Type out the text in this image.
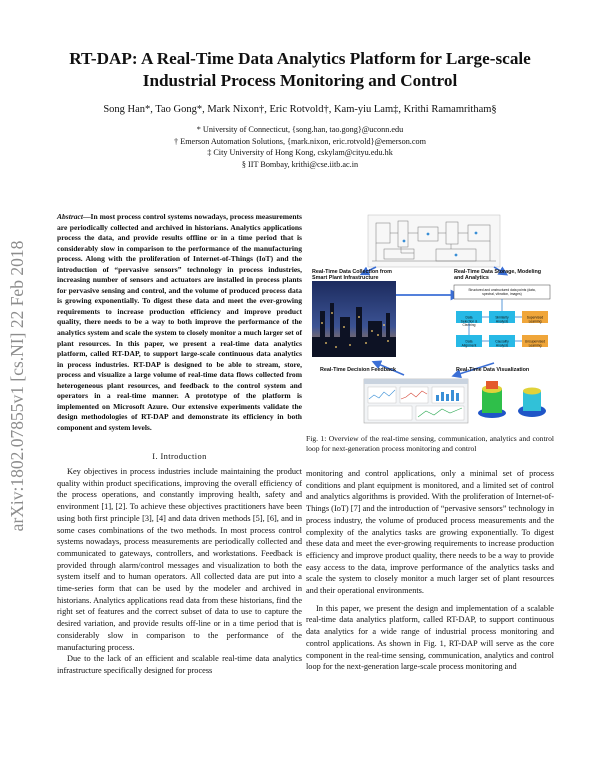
RT-DAP: A Real-Time Data Analytics Platform for Large-scale Industrial Process Monitoring and Control
Song Han*, Tao Gong*, Mark Nixon†, Eric Rotvold†, Kam-yiu Lam‡, Krithi Ramamritham§
* University of Connecticut, {song.han, tao.gong}@uconn.edu
† Emerson Automation Solutions, {mark.nixon, eric.rotvold}@emerson.com
‡ City University of Hong Kong, cskylam@cityu.edu.hk
§ IIT Bombay, krithi@cse.iitb.ac.in
arXiv:1802.07855v1 [cs.NI] 22 Feb 2018
Abstract—In most process control systems nowadays, process measurements are periodically collected and archived in historians. Analytics applications process the data, and provide results offline or in a time period that is considerably slow in comparison to the performance of the manufacturing process. Along with the proliferation of Internet-of-Things (IoT) and the introduction of “pervasive sensors” technology in process industries, increasing number of sensors and actuators are installed in process plants for pervasive sensing and control, and the volume of produced process data is growing exponentially. To digest these data and meet the ever-growing requirements to increase production efficiency and improve product quality, there needs to be a way to both improve the performance of the analytics system and scale the system to closely monitor a much larger set of plant resources. In this paper, we present a real-time data analytics platform, called RT-DAP, to support large-scale continuous data analytics in process industries. RT-DAP is designed to be able to stream, store, process and visualize a large volume of real-time data flows collected from heterogeneous plant resources, and feedback to the control system and operators in a real-time manner. A prototype of the platform is implemented on Microsoft Azure. Our extensive experiments validate the design methodologies of RT-DAP and demonstrate its efficiency in both component and system levels.
I. Introduction

Key objectives in process industries include maintaining the product quality within product specifications, improving the overall efficiency of the process operations, and constantly improving health, safety and environment [1], [2]. To achieve these objectives practitioners have been using both first principle [3], [4] and data driven methods [5], [6], and in some cases combinations of the two methods. In most process control systems nowadays, process measurements are periodically collected and communicated to gateways, controllers, and workstations. Feedback is provided through alarm/control messages and visualization to both the system itself and to human operators. All collected data are put into a time-series form that can be used by the modeler and archived in historians. Analytics applications read data from these historians, find the right set of features and the correct subset of data to use to capture the desired variation, and provide results off-line or in a time period that is considerably slow in comparison to the performance of the manufacturing process.

Due to the lack of an efficient and scalable real-time data analytics infrastructure specifically designed for process

Real-Time Data Collection from Smart Plant Infrastructure
Real-Time Data Storage, Modeling and Analytics
Structured and unstructured data points (data, spectral, vibration, images)
Data Selection & Cleaning
Similarity Analysis
Supervised Learning
Data Alignment
Causality Analysis
Unsupervised Learning
Real-Time Decision Feedback	Real-Time Data Visualization
Fig. 1: Overview of the real-time sensing, communication, analytics and control loop for next-generation process monitoring and control

monitoring and control applications, only a minimal set of process conditions and plant equipment is monitored, and a limited set of control and analytics algorithms is provided. With the proliferation of Internet-of-Things (IoT) [7] and the introduction of “pervasive sensors” technology in process industry, the volume of produced process measurements and the complexity of the analytics tasks are growing exponentially. To digest these data and meet the ever-growing requirements to increase production efficiency and improve product quality, there needs to be a way to provide easy access to the data, improve performance of the analytics tasks and scale the system to closely monitor a much larger set of plant resources and their operational environments.

In this paper, we present the design and implementation of a scalable real-time data analytics platform, called RT-DAP, to support continuous data analytics for a wide range of industrial process monitoring and control applications. As shown in Fig. 1, RT-DAP will serve as the core component in the real-time sensing, communication, analytics and control loop for the next-generation large-scale process monitoring and
